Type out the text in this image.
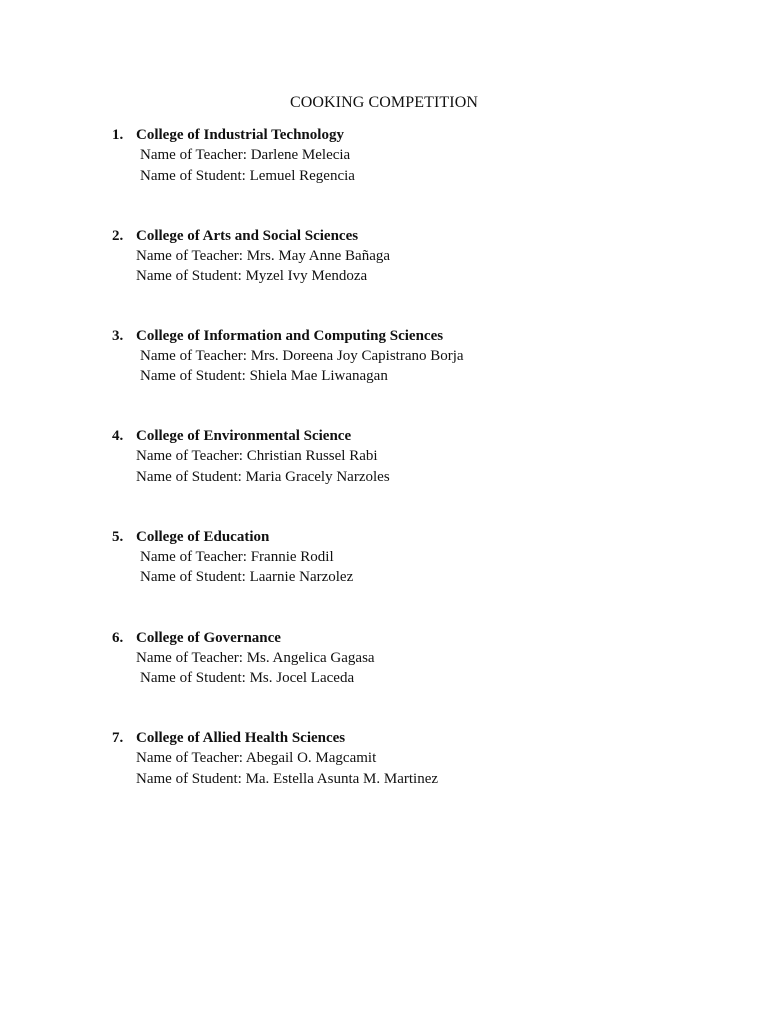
COOKING COMPETITION
1. College of Industrial Technology
Name of Teacher: Darlene Melecia
Name of Student: Lemuel Regencia
2. College of Arts and Social Sciences
Name of Teacher: Mrs. May Anne Bañaga
Name of Student: Myzel Ivy Mendoza
3. College of Information and Computing Sciences
Name of Teacher: Mrs. Doreena Joy Capistrano Borja
Name of Student: Shiela Mae Liwanagan
4. College of Environmental Science
Name of Teacher: Christian Russel Rabi
Name of Student: Maria Gracely Narzoles
5. College of Education
Name of Teacher: Frannie Rodil
Name of Student: Laarnie Narzolez
6. College of Governance
Name of Teacher: Ms. Angelica Gagasa
Name of Student: Ms. Jocel Laceda
7. College of Allied Health Sciences
Name of Teacher: Abegail O. Magcamit
Name of Student: Ma. Estella Asunta M. Martinez
